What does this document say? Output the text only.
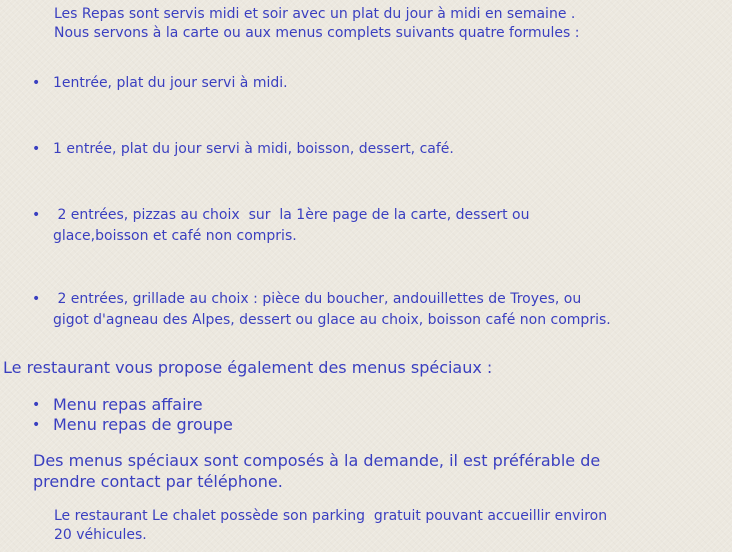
Les Repas sont servis midi et soir avec un plat du jour à midi en semaine .

Nous servons à la carte ou aux menus complets suivants quatre formules :

• 1entrée, plat du jour servi à midi.
• 1 entrée, plat du jour servi à midi, boisson, dessert, café.
• 2 entrées, pizzas au choix  sur  la 1ère page de la carte, dessert ou
glace,boisson et café non compris.
• 2 entrées, grillade au choix : pièce du boucher, andouillettes de Troyes, ou
gigot d'agneau des Alpes, dessert ou glace au choix, boisson café non compris.
Le restaurant vous propose également des menus spéciaux :
• Menu repas affaire
• Menu repas de groupe
Des menus spéciaux sont composés à la demande, il est préférable de
prendre contact par téléphone.
Le restaurant Le chalet possède son parking  gratuit pouvant accueillir environ
20 véhicules.
